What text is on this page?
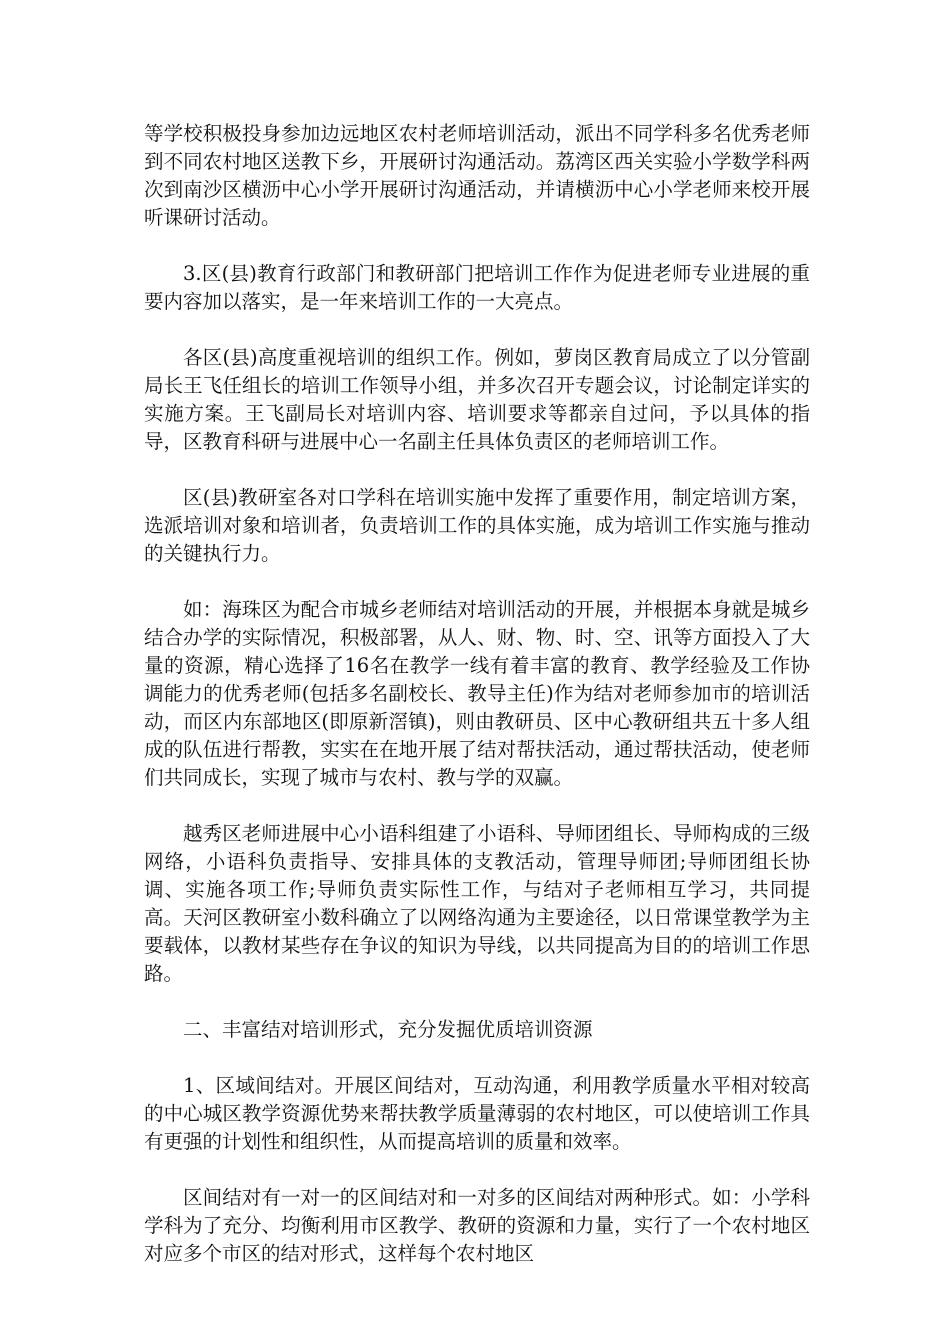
等学校积极投身参加边远地区农村老师培训活动，派出不同学科多名优秀老师到不同农村地区送教下乡，开展研讨沟通活动。荔湾区西关实验小学数学科两次到南沙区横沥中心小学开展研讨沟通活动，并请横沥中心小学老师来校开展听课研讨活动。

3.区(县)教育行政部门和教研部门把培训工作作为促进老师专业进展的重要内容加以落实，是一年来培训工作的一大亮点。

各区(县)高度重视培训的组织工作。例如，萝岗区教育局成立了以分管副局长王飞任组长的培训工作领导小组，并多次召开专题会议，讨论制定详实的实施方案。王飞副局长对培训内容、培训要求等都亲自过问，予以具体的指导，区教育科研与进展中心一名副主任具体负责区的老师培训工作。

区(县)教研室各对口学科在培训实施中发挥了重要作用，制定培训方案，选派培训对象和培训者，负责培训工作的具体实施，成为培训工作实施与推动的关键执行力。

如：海珠区为配合市城乡老师结对培训活动的开展，并根据本身就是城乡结合办学的实际情况，积极部署，从人、财、物、时、空、讯等方面投入了大量的资源，精心选择了16名在教学一线有着丰富的教育、教学经验及工作协调能力的优秀老师(包括多名副校长、教导主任)作为结对老师参加市的培训活动，而区内东部地区(即原新滘镇)，则由教研员、区中心教研组共五十多人组成的队伍进行帮教，实实在在地开展了结对帮扶活动，通过帮扶活动，使老师们共同成长，实现了城市与农村、教与学的双赢。

越秀区老师进展中心小语科组建了小语科、导师团组长、导师构成的三级网络，小语科负责指导、安排具体的支教活动，管理导师团;导师团组长协调、实施各项工作;导师负责实际性工作，与结对子老师相互学习，共同提高。天河区教研室小数科确立了以网络沟通为主要途径，以日常课堂教学为主要载体，以教材某些存在争议的知识为导线，以共同提高为目的的培训工作思路。

二、丰富结对培训形式，充分发掘优质培训资源

1、区域间结对。开展区间结对，互动沟通，利用教学质量水平相对较高的中心城区教学资源优势来帮扶教学质量薄弱的农村地区，可以使培训工作具有更强的计划性和组织性，从而提高培训的质量和效率。

区间结对有一对一的区间结对和一对多的区间结对两种形式。如：小学科学科为了充分、均衡利用市区教学、教研的资源和力量，实行了一个农村地区对应多个市区的结对形式，这样每个农村地区
